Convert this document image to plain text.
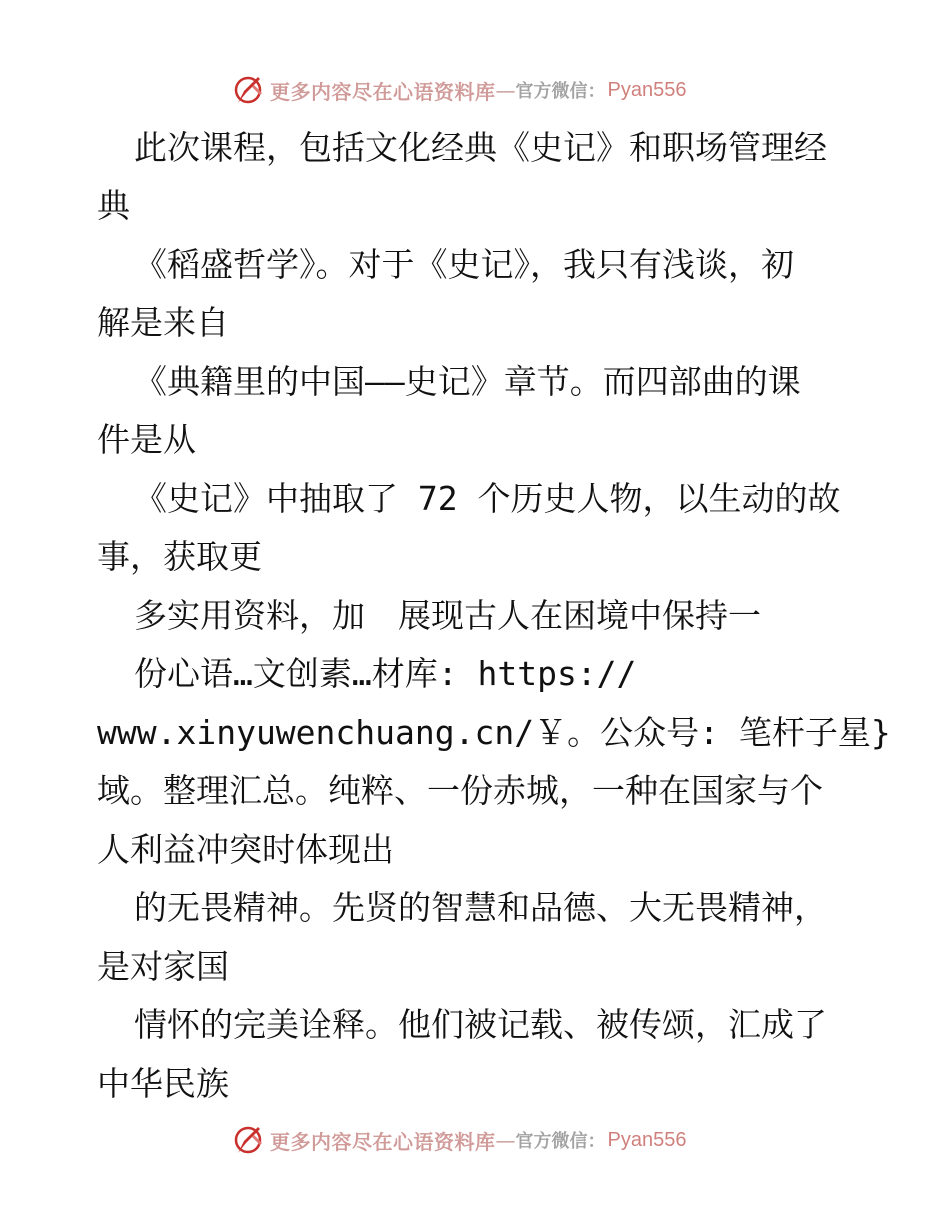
更多内容尽在心语资料库 — 官方微信： Pyan556
此次课程，包括文化经典《史记》和职场管理经
典
《稻盛哲学》。对于《史记》，我只有浅谈，初
解是来自
《典籍里的中国——史记》章节。而四部曲的课
件是从
《史记》中抽取了 72 个历史人物，以生动的故
事，获取更
多实用资料，加　展现古人在困境中保持一
份心语…文创素…材库: https://
www.xinyuwenchuang.cn/￥。公众号: 笔杆子星}
域。整理汇总。纯粹、一份赤城，一种在国家与个
人利益冲突时体现出
的无畏精神。先贤的智慧和品德、大无畏精神，
是对家国
情怀的完美诠释。他们被记载、被传颂，汇成了
中华民族
更多内容尽在心语资料库 — 官方微信： Pyan556
